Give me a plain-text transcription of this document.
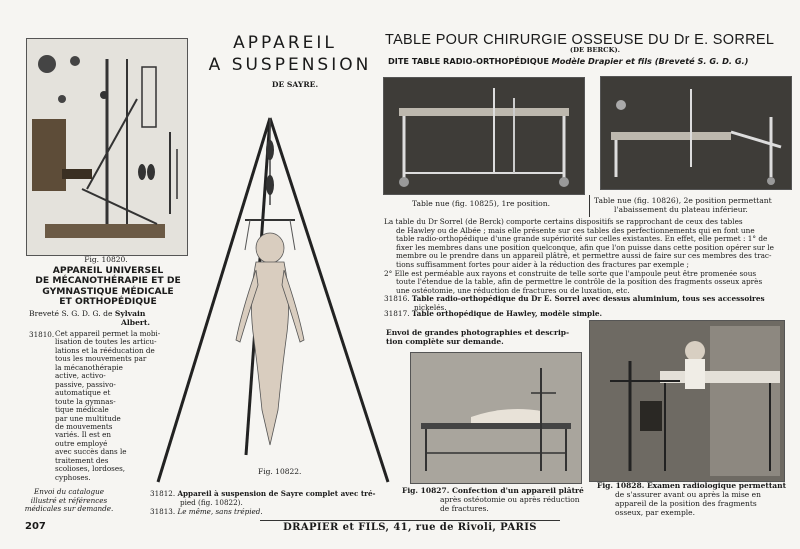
Fig. 10820.
APPAREIL UNIVERSEL
DE MÉCANOTHÉRAPIE ET DE
GYMNASTIQUE MÉDICALE
ET ORTHOPÉDIQUE
Breveté S. G. D. G. de Sylvain
Albert.
31810. Cet appareil permet la mobi-
lisation de toutes les articu-
lations et la rééducation de
tous les mouvements par
la mécanothérapie
active, activo-
passive, passivo-
automatique et
toute la gymnas-
tique médicale
par une multitude
de mouvements
variés. Il est en
outre employé
avec succès dans le
traitement des
scolioses, lordoses,
cyphoses.
Envoi du catalogue
illustré et références
médicales sur demande.
207
APPAREIL
A SUSPENSION
DE SAYRE.
Fig. 10822.
31812. Appareil à suspension de Sayre complet avec tré-
pied (fig. 10822).
31813. Le même, sans trépied.
TABLE POUR CHIRURGIE OSSEUSE DU Dr E. SORREL
(DE BERCK).
DITE TABLE RADIO-ORTHOPÉDIQUE Modèle Drapier et fils (Breveté S. G. D. G.)
Table nue (fig. 10825), 1re position.	Table nue (fig. 10826), 2e position permettant
l'abaissement du plateau inférieur.
La table du Dr Sorrel (de Berck) comporte certains dispositifs se rapprochant de ceux des tables
de Hawley ou de Albée ; mais elle présente sur ces tables des perfectionnements qui en font une
table radio-orthopédique d'une grande supériorité sur celles existantes. En effet, elle permet : 1° de
fixer les membres dans une position quelconque, afin que l'on puisse dans cette position opérer sur le
membre ou le prendre dans un appareil plâtré, et permettre aussi de faire sur ces membres des trac-
tions suffisamment fortes pour aider à la réduction des fractures par exemple ;
2° Elle est perméable aux rayons et construite de telle sorte que l'ampoule peut être promenée sous
toute l'étendue de la table, afin de permettre le contrôle de la position des fragments osseux après
une ostéotomie, une réduction de fractures ou de luxation, etc.
31816. Table radio-orthopédique du Dr E. Sorrel avec dessus aluminium, tous ses accessoires
nickelés.
31817. Table orthopédique de Hawley, modèle simple.
Envoi de grandes photographies et descrip-
tion complète sur demande.
Fig. 10827. Confection d'un appareil plâtré
après ostéotomie ou après réduction
de fractures.
Fig. 10828. Examen radiologique permettant
de s'assurer avant ou après la mise en
appareil de la position des fragments
osseux, par exemple.
DRAPIER et FILS, 41, rue de Rivoli, PARIS
